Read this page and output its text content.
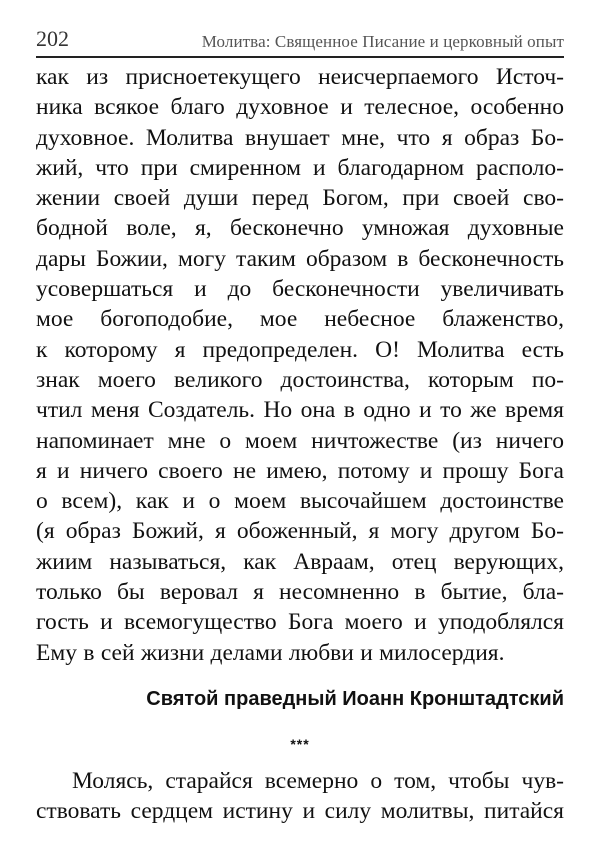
202	Молитва: Священное Писание и церковный опыт
как из присноетекущего неисчерпаемого Источ-
ника всякое благо духовное и телесное, особенно
духовное. Молитва внушает мне, что я образ Бо-
жий, что при смиренном и благодарном располо-
жении своей души перед Богом, при своей сво-
бодной воле, я, бесконечно умножая духовные
дары Божии, могу таким образом в бесконечность
усовершаться и до бесконечности увеличивать
мое богоподобие, мое небесное блаженство,
к которому я предопределен. О! Молитва есть
знак моего великого достоинства, которым по-
чтил меня Создатель. Но она в одно и то же время
напоминает мне о моем ничтожестве (из ничего
я и ничего своего не имею, потому и прошу Бога
о всем), как и о моем высочайшем достоинстве
(я образ Божий, я обоженный, я могу другом Бо-
жиим называться, как Авраам, отец верующих,
только бы веровал я несомненно в бытие, бла-
гость и всемогущество Бога моего и уподоблялся
Ему в сей жизни делами любви и милосердия.

Святой праведный Иоанн Кронштадтский

***
Молясь, старайся всемерно о том, чтобы чув-
ствовать сердцем истину и силу молитвы, питайся
